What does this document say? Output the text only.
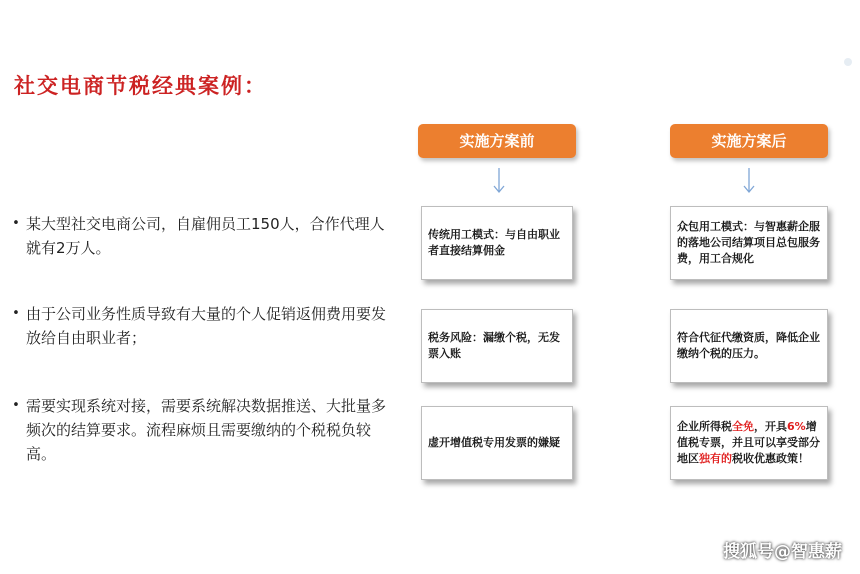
社交电商节税经典案例：
• 某大型社交电商公司，自雇佣员工150人，合作代理人就有2万人。
• 由于公司业务性质导致有大量的个人促销返佣费用要发放给自由职业者；
• 需要实现系统对接，需要系统解决数据推送、大批量多频次的结算要求。流程麻烦且需要缴纳的个税税负较高。
实施方案前
传统用工模式：与自由职业者直接结算佣金
税务风险：漏缴个税，无发票入账
虚开增值税专用发票的嫌疑
实施方案后
众包用工模式：与智惠薪企服的落地公司结算项目总包服务费，用工合规化
符合代征代缴资质，降低企业缴纳个税的压力。
企业所得税全免，开具6%增值税专票，并且可以享受部分地区独有的税收优惠政策！
搜狐号@智惠薪
